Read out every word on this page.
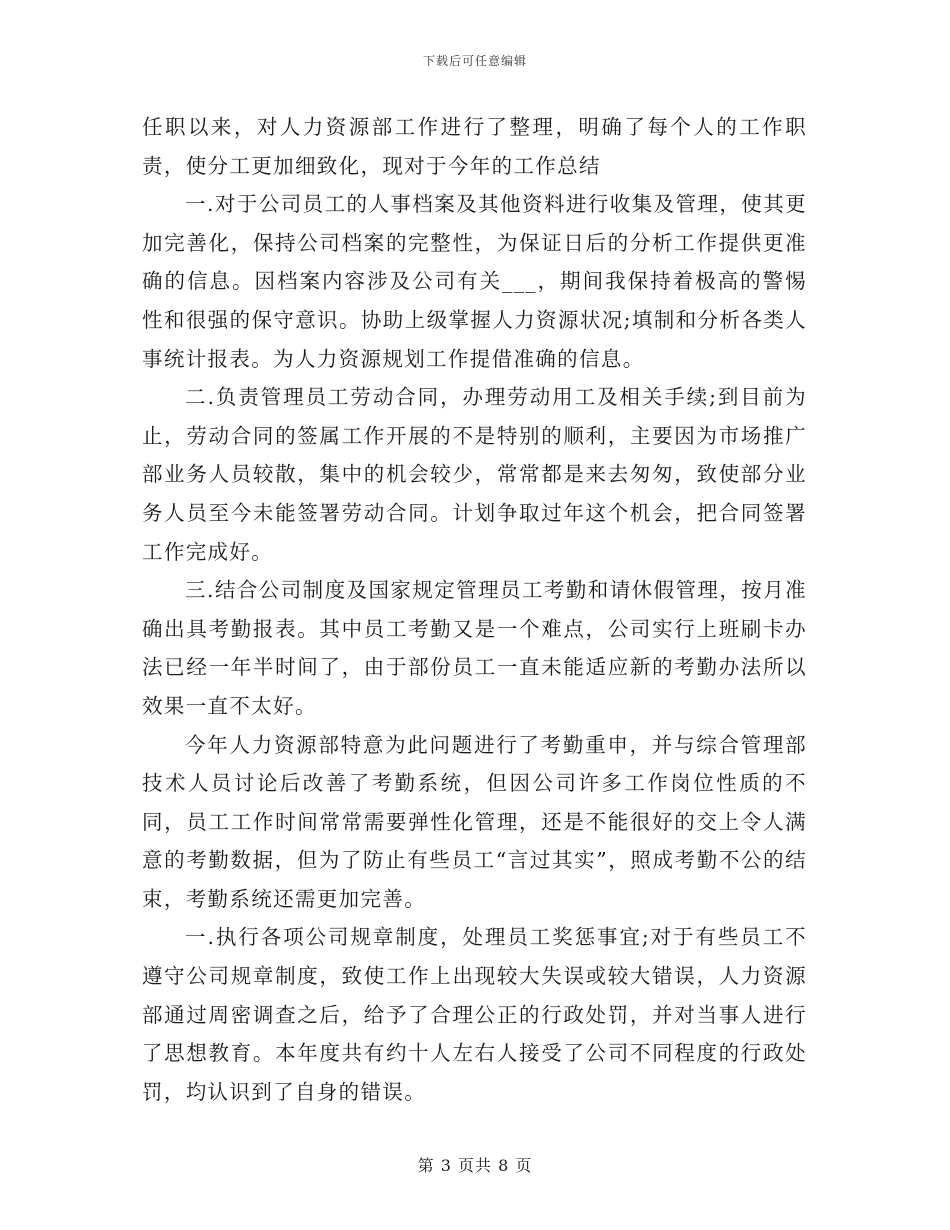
下载后可任意编辑

任职以来，对人力资源部工作进行了整理，明确了每个人的工作职责，使分工更加细致化，现对于今年的工作总结

一.对于公司员工的人事档案及其他资料进行收集及管理，使其更加完善化，保持公司档案的完整性，为保证日后的分析工作提供更准确的信息。因档案内容涉及公司有关___，期间我保持着极高的警惕性和很强的保守意识。协助上级掌握人力资源状况;填制和分析各类人事统计报表。为人力资源规划工作提借准确的信息。

二.负责管理员工劳动合同，办理劳动用工及相关手续;到目前为止，劳动合同的签属工作开展的不是特别的顺利，主要因为市场推广部业务人员较散，集中的机会较少，常常都是来去匆匆，致使部分业务人员至今未能签署劳动合同。计划争取过年这个机会，把合同签署工作完成好。

三.结合公司制度及国家规定管理员工考勤和请休假管理，按月准确出具考勤报表。其中员工考勤又是一个难点，公司实行上班刷卡办法已经一年半时间了，由于部份员工一直未能适应新的考勤办法所以效果一直不太好。

今年人力资源部特意为此问题进行了考勤重申，并与综合管理部技术人员讨论后改善了考勤系统，但因公司许多工作岗位性质的不同，员工工作时间常常需要弹性化管理，还是不能很好的交上令人满意的考勤数据，但为了防止有些员工“言过其实”，照成考勤不公的结束，考勤系统还需更加完善。

一.执行各项公司规章制度，处理员工奖惩事宜;对于有些员工不遵守公司规章制度，致使工作上出现较大失误或较大错误，人力资源部通过周密调查之后，给予了合理公正的行政处罚，并对当事人进行了思想教育。本年度共有约十人左右人接受了公司不同程度的行政处罚，均认识到了自身的错误。

第 3 页共 8 页
